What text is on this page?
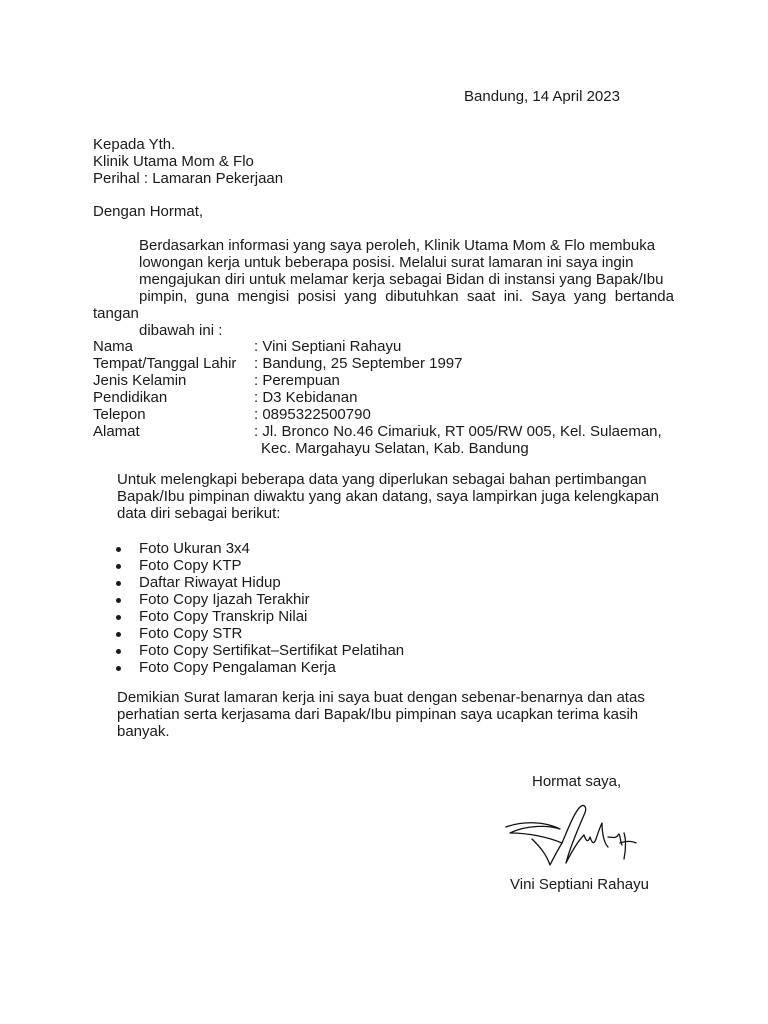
Bandung, 14 April 2023
Kepada Yth.
Klinik Utama Mom & Flo
Perihal : Lamaran Pekerjaan
Dengan Hormat,
Berdasarkan informasi yang saya peroleh, Klinik Utama Mom & Flo membuka
lowongan kerja untuk beberapa posisi. Melalui surat lamaran ini saya ingin
mengajukan diri untuk melamar kerja sebagai Bidan di instansi yang Bapak/Ibu
pimpin, guna mengisi posisi yang dibutuhkan saat ini. Saya yang bertanda tangan
dibawah ini :
Nama	: Vini Septiani Rahayu
Tempat/Tanggal Lahir : Bandung, 25 September 1997
Jenis Kelamin	: Perempuan
Pendidikan	: D3 Kebidanan
Telepon	: 0895322500790
Alamat	: Jl. Bronco No.46 Cimariuk, RT 005/RW 005, Kel. Sulaeman,
Kec. Margahayu Selatan, Kab. Bandung
Untuk melengkapi beberapa data yang diperlukan sebagai bahan pertimbangan
Bapak/Ibu pimpinan diwaktu yang akan datang, saya lampirkan juga kelengkapan
data diri sebagai berikut:
Foto Ukuran 3x4
Foto Copy KTP
Daftar Riwayat Hidup
Foto Copy Ijazah Terakhir
Foto Copy Transkrip Nilai
Foto Copy STR
Foto Copy Sertifikat–Sertifikat Pelatihan
Foto Copy Pengalaman Kerja
Demikian Surat lamaran kerja ini saya buat dengan sebenar-benarnya dan atas
perhatian serta kerjasama dari Bapak/Ibu pimpinan saya ucapkan terima kasih
banyak.
Hormat saya,
Vini Septiani Rahayu
